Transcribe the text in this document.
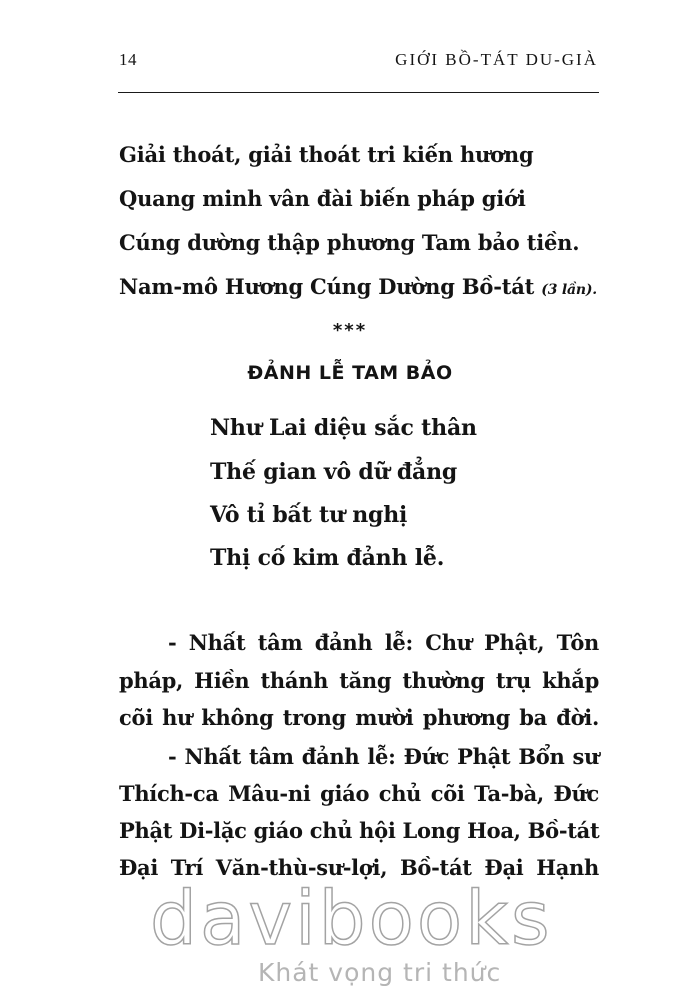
14	GIỚI BỒ-TÁT DU-GIÀ
Giải thoát, giải thoát tri kiến hương
Quang minh vân đài biến pháp giới
Cúng dường thập phương Tam bảo tiền.
Nam-mô Hương Cúng Dường Bồ-tát (3 lần).
***
ĐẢNH LỄ TAM BẢO
Như Lai diệu sắc thân
Thế gian vô dữ đẳng
Vô tỉ bất tư nghị
Thị cố kim đảnh lễ.
- Nhất tâm đảnh lễ: Chư Phật, Tôn
pháp, Hiền thánh tăng thường trụ khắp
cõi hư không trong mười phương ba đời.
- Nhất tâm đảnh lễ: Đức Phật Bổn sư
Thích-ca Mâu-ni giáo chủ cõi Ta-bà, Đức
Phật Di-lặc giáo chủ hội Long Hoa, Bồ-tát
Đại Trí Văn-thù-sư-lợi, Bồ-tát Đại Hạnh
davibooks
Khát vọng tri thức
